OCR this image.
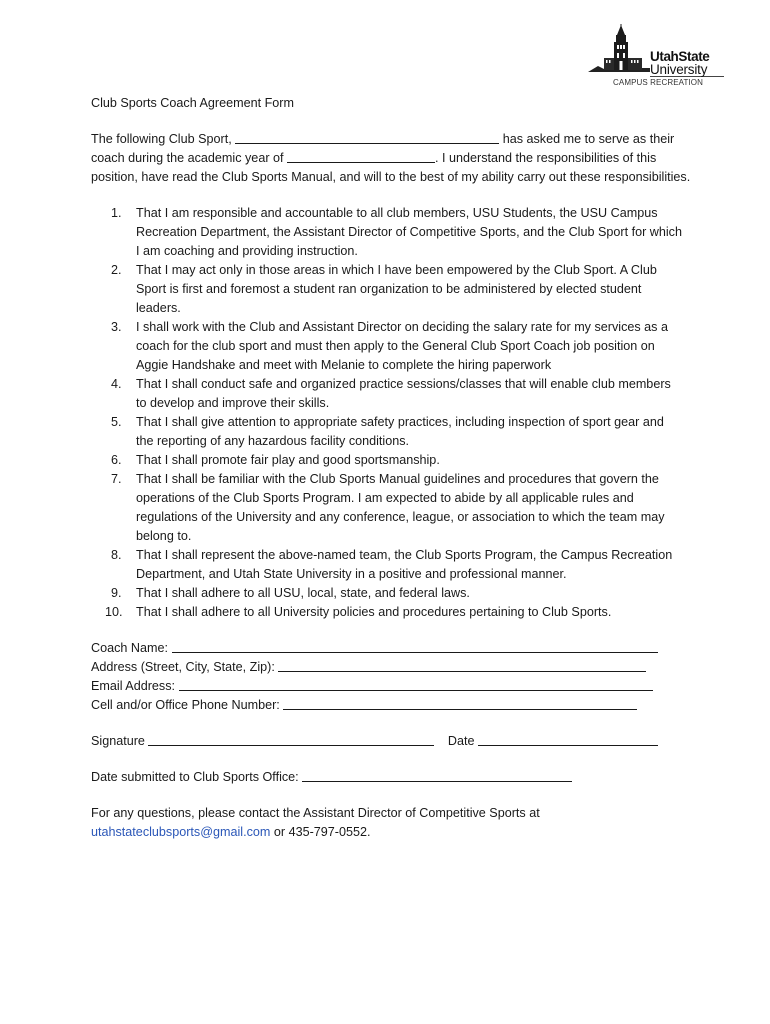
UtahState
University
CAMPUS RECREATION
Club Sports Coach Agreement Form
The following Club Sport,	has asked me to serve as their coach during the academic year of	. I understand the responsibilities of this position, have read the Club Sports Manual, and will to the best of my ability carry out these responsibilities.
1. That I am responsible and accountable to all club members, USU Students, the USU Campus Recreation Department, the Assistant Director of Competitive Sports, and the Club Sport for which I am coaching and providing instruction.
2. That I may act only in those areas in which I have been empowered by the Club Sport. A Club Sport is first and foremost a student ran organization to be administered by elected student leaders.
3. I shall work with the Club and Assistant Director on deciding the salary rate for my services as a coach for the club sport and must then apply to the General Club Sport Coach job position on Aggie Handshake and meet with Melanie to complete the hiring paperwork
4. That I shall conduct safe and organized practice sessions/classes that will enable club members to develop and improve their skills.
5. That I shall give attention to appropriate safety practices, including inspection of sport gear and the reporting of any hazardous facility conditions.
6. That I shall promote fair play and good sportsmanship.
7. That I shall be familiar with the Club Sports Manual guidelines and procedures that govern the operations of the Club Sports Program. I am expected to abide by all applicable rules and regulations of the University and any conference, league, or association to which the team may belong to.
8. That I shall represent the above-named team, the Club Sports Program, the Campus Recreation Department, and Utah State University in a positive and professional manner.
9. That I shall adhere to all USU, local, state, and federal laws.
10. That I shall adhere to all University policies and procedures pertaining to Club Sports.
Coach Name:
Address (Street, City, State, Zip):
Email Address:
Cell and/or Office Phone Number:
Signature	Date
Date submitted to Club Sports Office:
For any questions, please contact the Assistant Director of Competitive Sports at utahstateclubsports@gmail.com or 435-797-0552.
